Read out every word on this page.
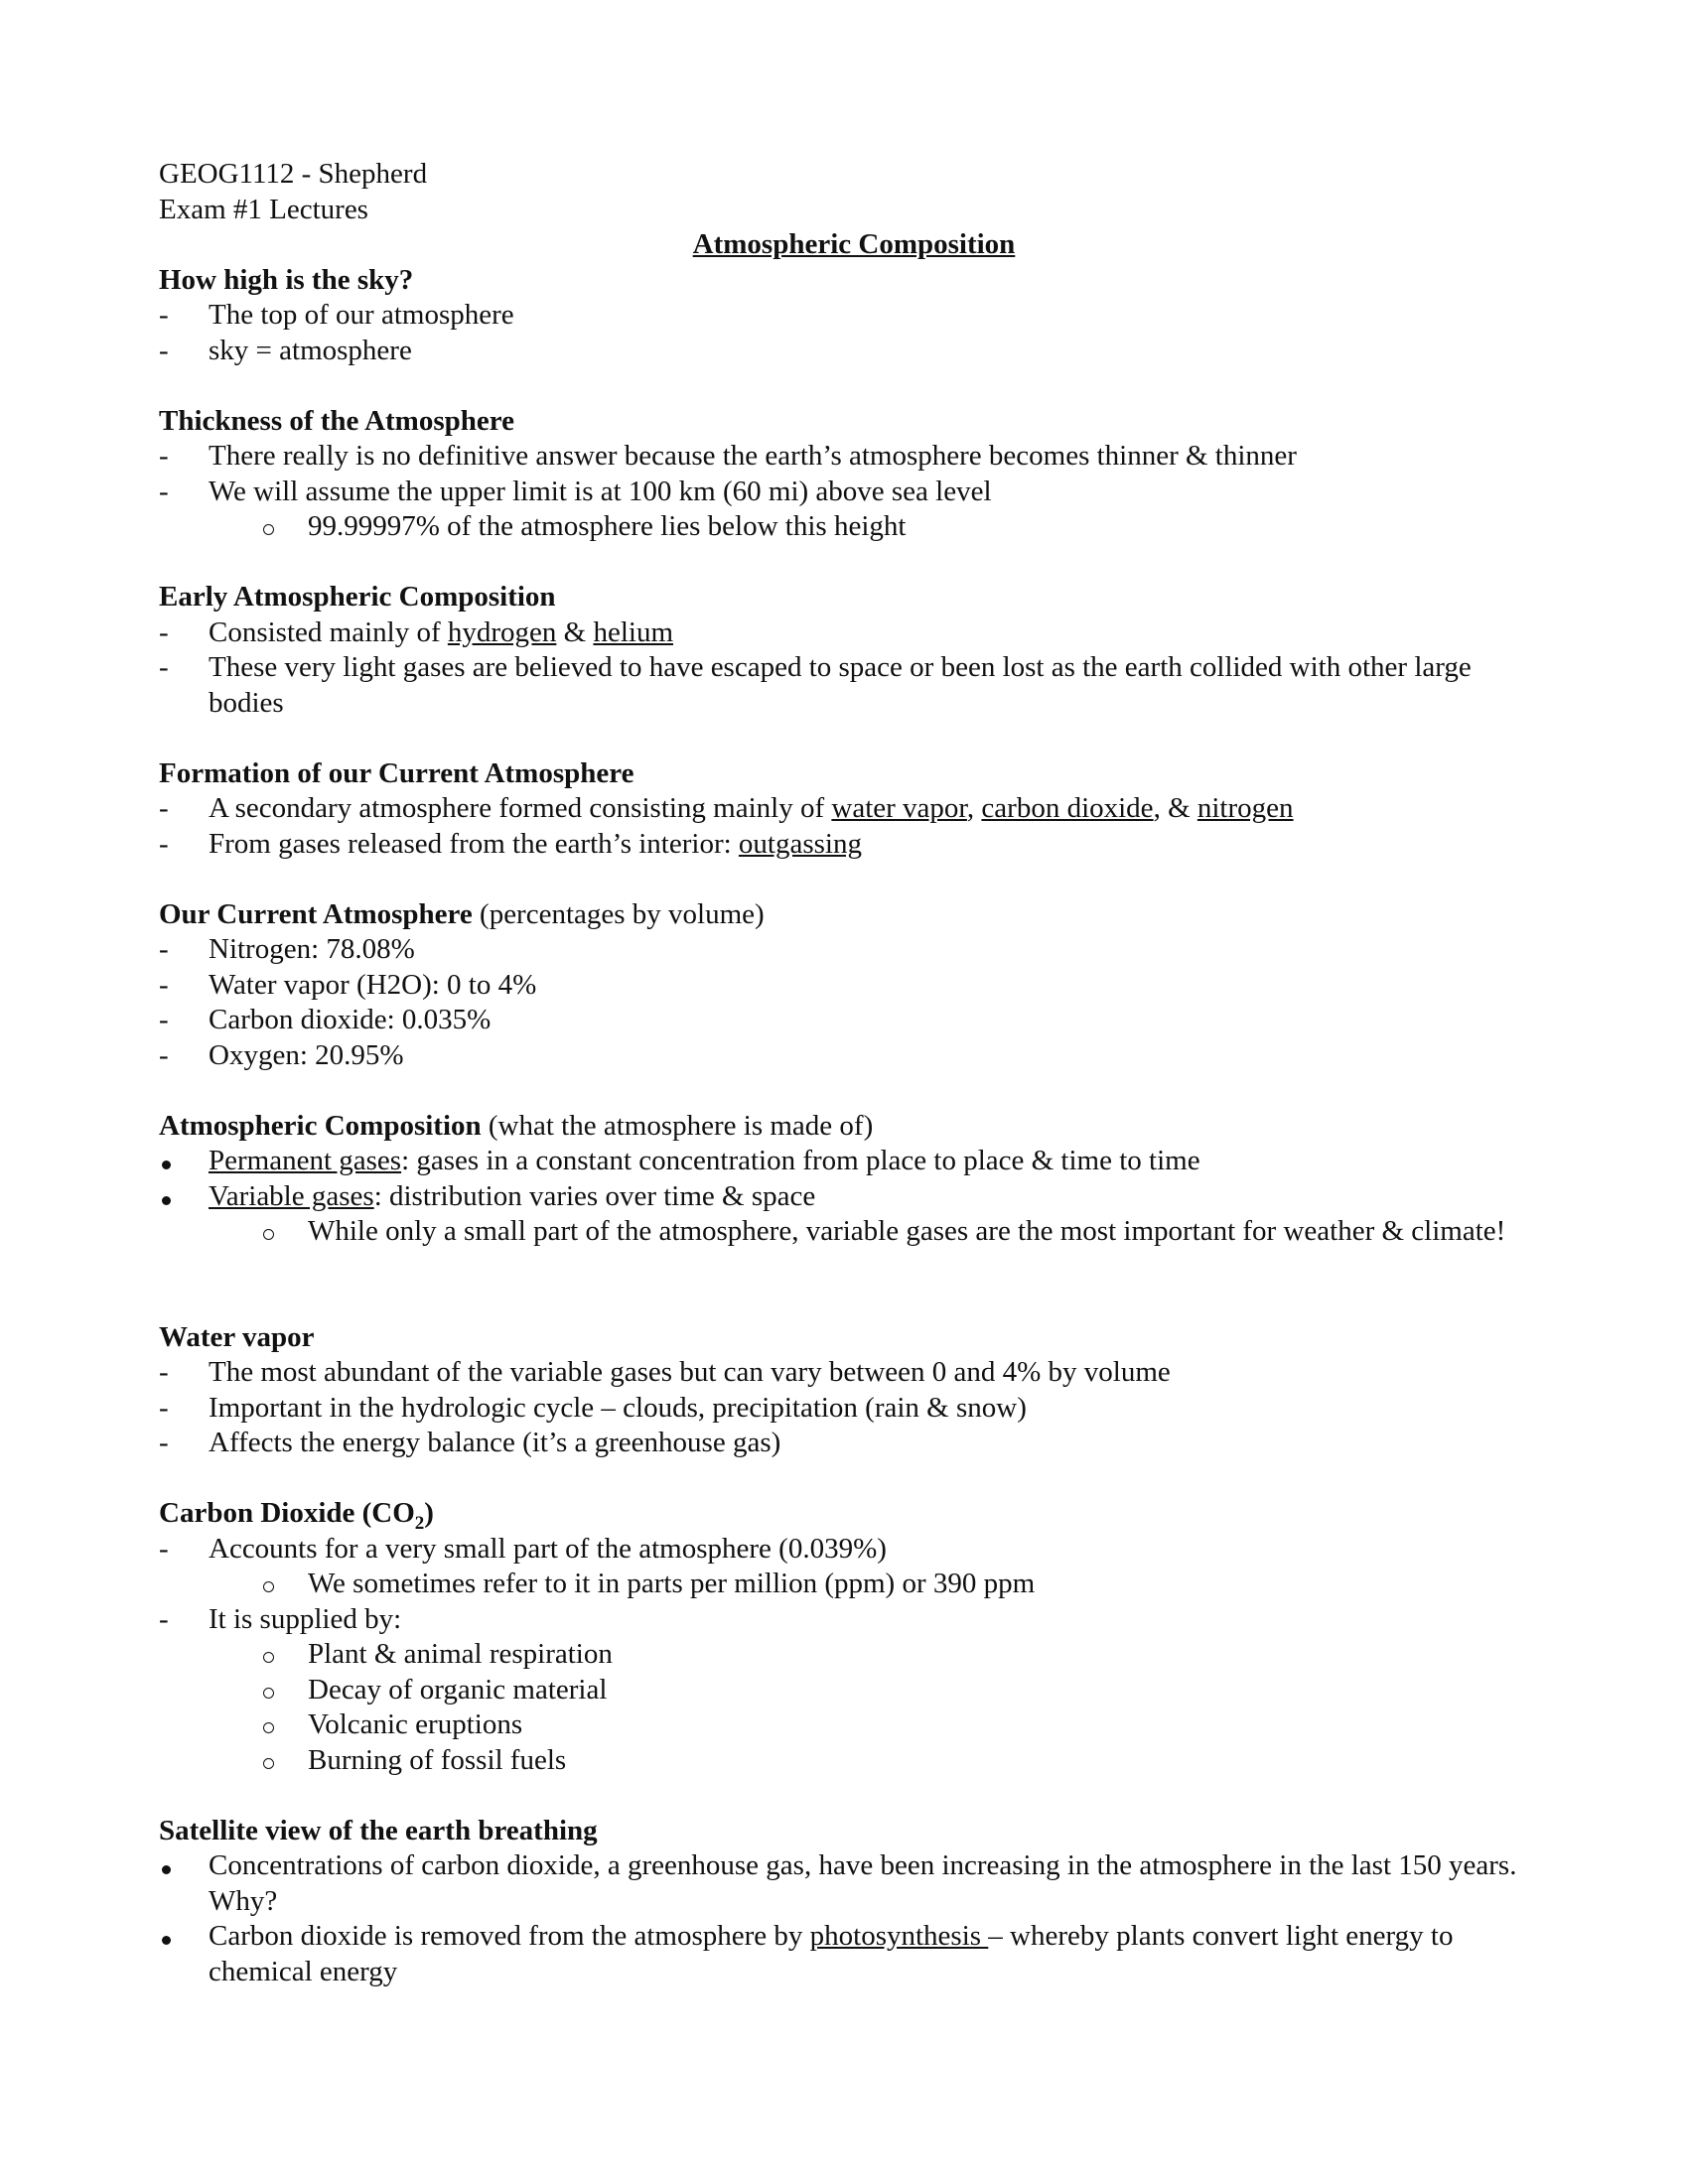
GEOG1112 - Shepherd
Exam #1 Lectures
Atmospheric Composition
How high is the sky?
-	The top of our atmosphere
-	sky = atmosphere
Thickness of the Atmosphere
-	There really is no definitive answer because the earth’s atmosphere becomes thinner & thinner
-	We will assume the upper limit is at 100 km (60 mi) above sea level
99.99997% of the atmosphere lies below this height
Early Atmospheric Composition
-	Consisted mainly of hydrogen & helium
-	These very light gases are believed to have escaped to space or been lost as the earth collided with other large bodies
Formation of our Current Atmosphere
-	A secondary atmosphere formed consisting mainly of water vapor, carbon dioxide, & nitrogen
-	From gases released from the earth’s interior: outgassing
Our Current Atmosphere (percentages by volume)
-	Nitrogen: 78.08%
-	Water vapor (H2O): 0 to 4%
-	Carbon dioxide: 0.035%
-	Oxygen: 20.95%
Atmospheric Composition (what the atmosphere is made of)
Permanent gases: gases in a constant concentration from place to place & time to time
Variable gases: distribution varies over time & space
While only a small part of the atmosphere, variable gases are the most important for weather & climate!
Water vapor
-	The most abundant of the variable gases but can vary between 0 and 4% by volume
-	Important in the hydrologic cycle – clouds, precipitation (rain & snow)
-	Affects the energy balance (it’s a greenhouse gas)
Carbon Dioxide $(CO_2)$
-	Accounts for a very small part of the atmosphere (0.039%)
We sometimes refer to it in parts per million (ppm) or 390 ppm
-	It is supplied by:
Plant & animal respiration
Decay of organic material
Volcanic eruptions
Burning of fossil fuels
Satellite view of the earth breathing
Concentrations of carbon dioxide, a greenhouse gas, have been increasing in the atmosphere in the last 150 years. Why?
Carbon dioxide is removed from the atmosphere by photosynthesis – whereby plants convert light energy to chemical energy
